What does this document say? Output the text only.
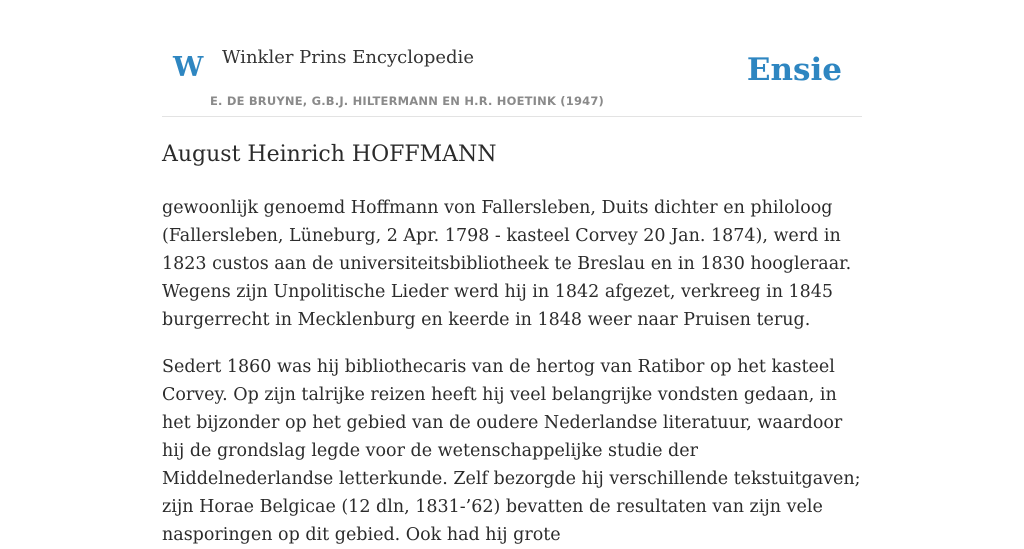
W Winkler Prins Encyclopedie
E. DE BRUYNE, G.B.J. HILTERMANN EN H.R. HOETINK (1947)
Ensie
August Heinrich HOFFMANN

gewoonlijk genoemd Hoffmann von Fallersleben, Duits dichter en philoloog (Fallersleben, Lüneburg, 2 Apr. 1798 - kasteel Corvey 20 Jan. 1874), werd in 1823 custos aan de universiteitsbibliotheek te Breslau en in 1830 hoogleraar. Wegens zijn Unpolitische Lieder werd hij in 1842 afgezet, verkreeg in 1845 burgerrecht in Mecklenburg en keerde in 1848 weer naar Pruisen terug.

Sedert 1860 was hij bibliothecaris van de hertog van Ratibor op het kasteel Corvey. Op zijn talrijke reizen heeft hij veel belangrijke vondsten gedaan, in het bijzonder op het gebied van de oudere Nederlandse literatuur, waardoor hij de grondslag legde voor de wetenschappelijke studie der Middelnederlandse letterkunde. Zelf bezorgde hij verschillende tekstuitgaven; zijn Horae Belgicae (12 dln, 1831-’62) bevatten de resultaten van zijn vele nasporingen op dit gebied. Ook had hij grote
